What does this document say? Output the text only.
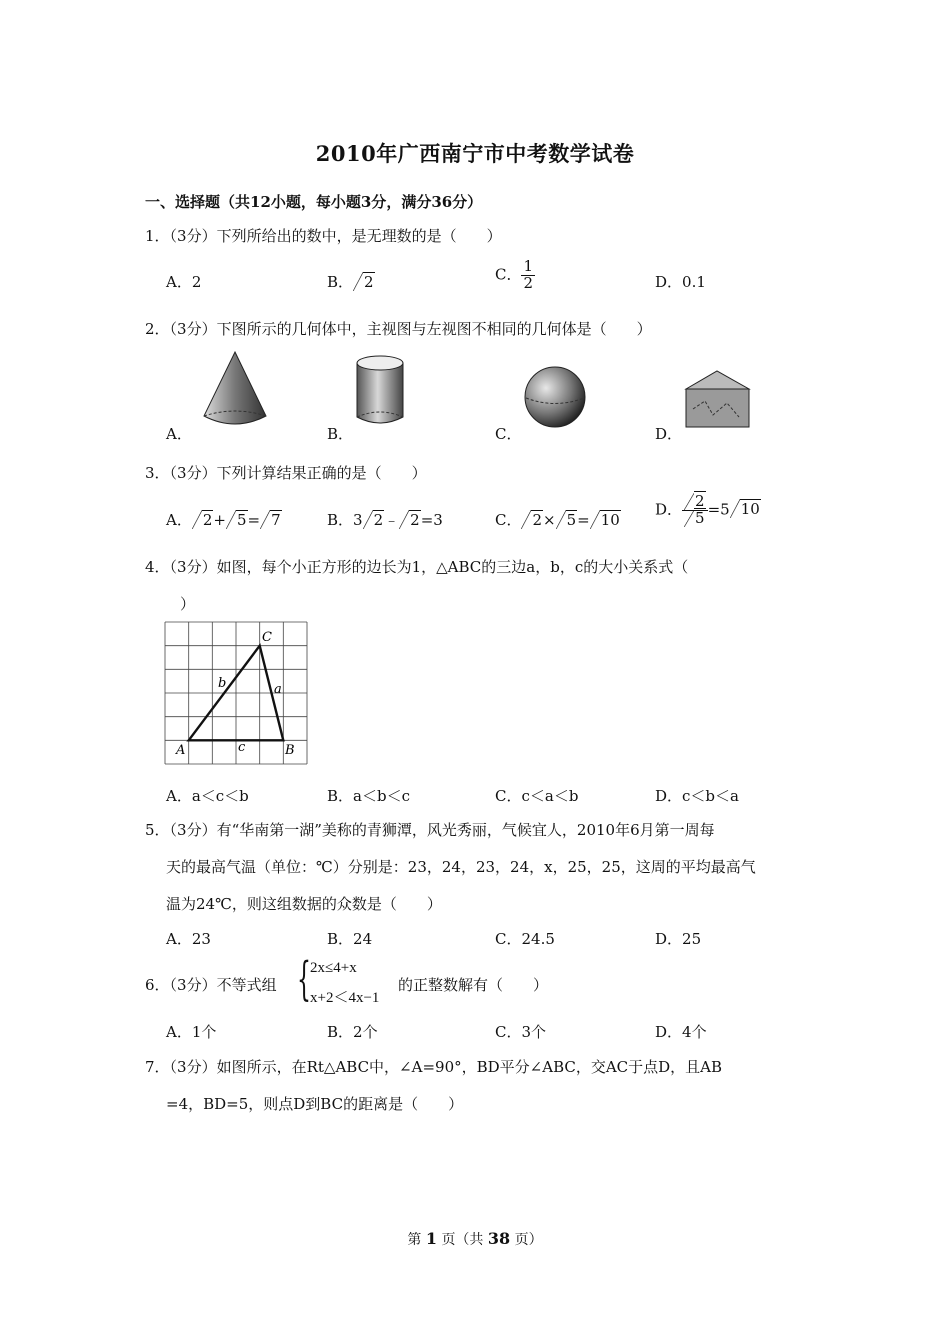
2010年广西南宁市中考数学试卷
一、选择题（共12小题，每小题3分，满分36分）
1．（3分）下列所给出的数中，是无理数的是（　　）
A．2	B． 2	C． $\frac{1}{2}$	D．0.1
2．（3分）下图所示的几何体中，主视图与左视图不相同的几何体是（　　）
A．	B．	C．	D．
3．（3分）下列计算结果正确的是（　　）
A． 2+ 5= 7	B．3 2﹣ 2=3	C． 2× 5= 10
D． $\frac{2}{5} =5$ 10
4．（3分）如图，每个小正方形的边长为1，△ABC的三边a，b，c的大小关系式（
）
A	B
C
a
b
c
A．a＜c＜b	B．a＜b＜c	C．c＜a＜b	D．c＜b＜a
5．（3分）有“华南第一湖”美称的青狮潭，风光秀丽，气候宜人，2010年6月第一周每
天的最高气温（单位：℃）分别是：23，24，23，24，x，25，25，这周的平均最高气
温为24℃，则这组数据的众数是（　　）
A．23	B．24	C．24.5	D．25
6．（3分）不等式组 { 2x≤4+x
x+2＜4x−1
的正整数解有（　　）
A．1个	B．2个	C．3个	D．4个
7．（3分）如图所示，在Rt△ABC中，∠A=90°，BD平分∠ABC，交AC于点D，且AB
=4，BD=5，则点D到BC的距离是（　　）
第 1 页（共 38 页）
